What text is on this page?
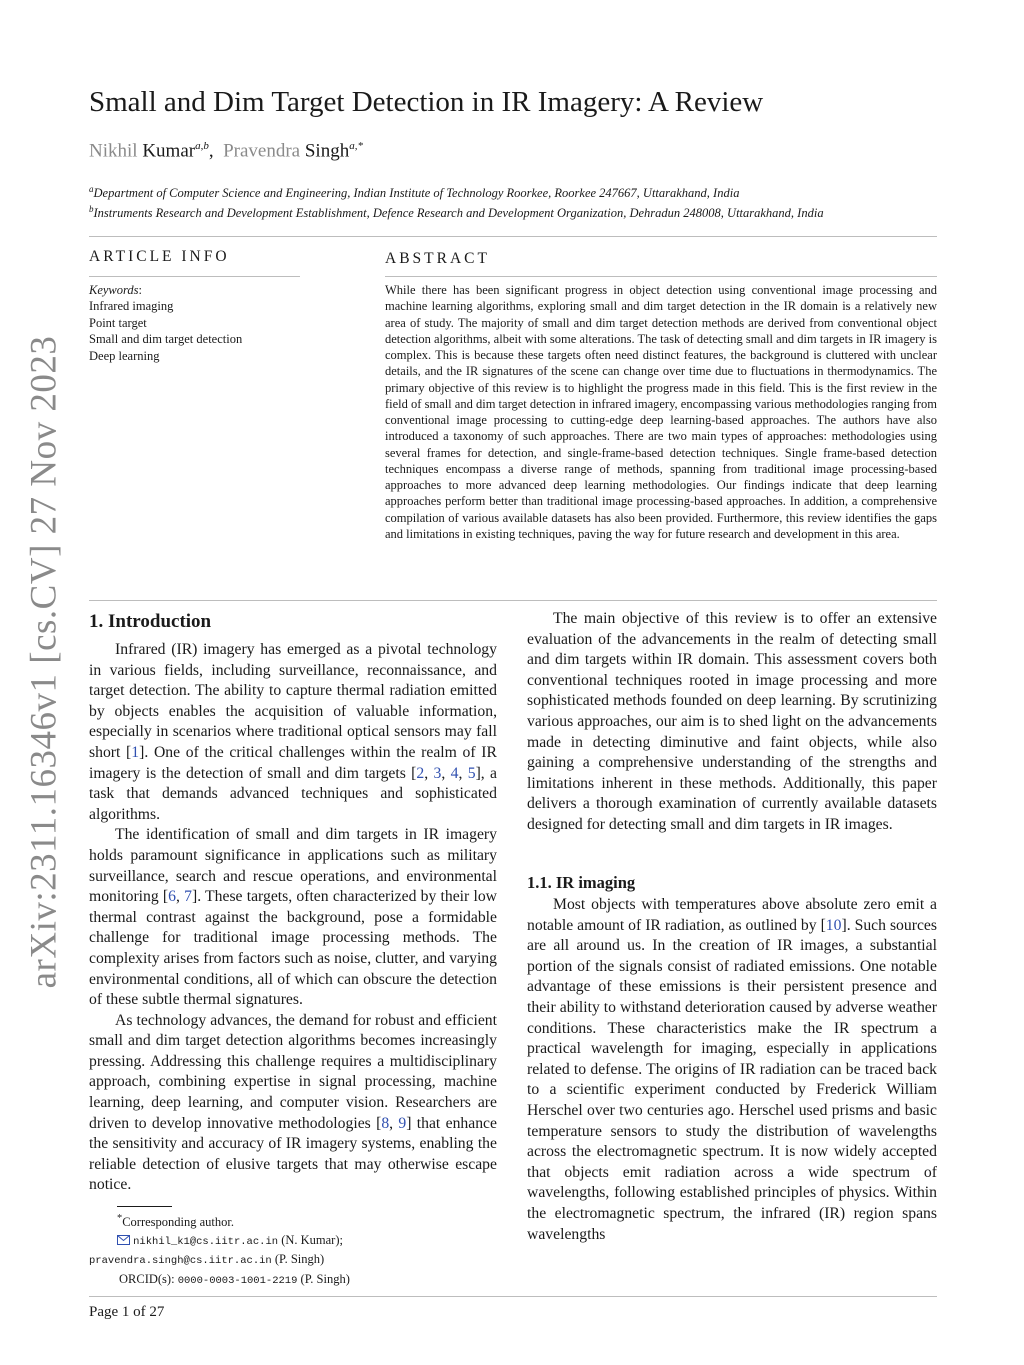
arXiv:2311.16346v1 [cs.CV] 27 Nov 2023
Small and Dim Target Detection in IR Imagery: A Review
Nikhil Kumar$^{a,b}$,  Pravendra Singh$^{a,*}$
$^a$Department of Computer Science and Engineering, Indian Institute of Technology Roorkee, Roorkee 247667, Uttarakhand, India
$^b$Instruments Research and Development Establishment, Defence Research and Development Organization, Dehradun 248008, Uttarakhand, India
ARTICLE INFO
Keywords:
Infrared imaging
Point target
Small and dim target detection
Deep learning
ABSTRACT
While there has been significant progress in object detection using conventional image processing and machine learning algorithms, exploring small and dim target detection in the IR domain is a relatively new area of study. The majority of small and dim target detection methods are derived from conventional object detection algorithms, albeit with some alterations. The task of detecting small and dim targets in IR imagery is complex. This is because these targets often need distinct features, the background is cluttered with unclear details, and the IR signatures of the scene can change over time due to fluctuations in thermodynamics. The primary objective of this review is to highlight the progress made in this field. This is the first review in the field of small and dim target detection in infrared imagery, encompassing various methodologies ranging from conventional image processing to cutting-edge deep learning-based approaches. The authors have also introduced a taxonomy of such approaches. There are two main types of approaches: methodologies using several frames for detection, and single-frame-based detection techniques. Single frame-based detection techniques encompass a diverse range of methods, spanning from traditional image processing-based approaches to more advanced deep learning methodologies. Our findings indicate that deep learning approaches perform better than traditional image processing-based approaches. In addition, a comprehensive compilation of various available datasets has also been provided. Furthermore, this review identifies the gaps and limitations in existing techniques, paving the way for future research and development in this area.
1. Introduction

Infrared (IR) imagery has emerged as a pivotal technology in various fields, including surveillance, reconnaissance, and target detection. The ability to capture thermal radiation emitted by objects enables the acquisition of valuable information, especially in scenarios where traditional optical sensors may fall short [1]. One of the critical challenges within the realm of IR imagery is the detection of small and dim targets [2, 3, 4, 5], a task that demands advanced techniques and sophisticated algorithms.

The identification of small and dim targets in IR imagery holds paramount significance in applications such as military surveillance, search and rescue operations, and environmental monitoring [6, 7]. These targets, often characterized by their low thermal contrast against the background, pose a formidable challenge for traditional image processing methods. The complexity arises from factors such as noise, clutter, and varying environmental conditions, all of which can obscure the detection of these subtle thermal signatures.

As technology advances, the demand for robust and efficient small and dim target detection algorithms becomes increasingly pressing. Addressing this challenge requires a multidisciplinary approach, combining expertise in signal processing, machine learning, deep learning, and computer vision. Researchers are driven to develop innovative methodologies [8, 9] that enhance the sensitivity and accuracy of IR imagery systems, enabling the reliable detection of elusive targets that may otherwise escape notice.

The main objective of this review is to offer an extensive evaluation of the advancements in the realm of detecting small and dim targets within IR domain. This assessment covers both conventional techniques rooted in image processing and more sophisticated methods founded on deep learning. By scrutinizing various approaches, our aim is to shed light on the advancements made in detecting diminutive and faint objects, while also gaining a comprehensive understanding of the strengths and limitations inherent in these methods. Additionally, this paper delivers a thorough examination of currently available datasets designed for detecting small and dim targets in IR images.

1.1. IR imaging

Most objects with temperatures above absolute zero emit a notable amount of IR radiation, as outlined by [10]. Such sources are all around us. In the creation of IR images, a substantial portion of the signals consist of radiated emissions. One notable advantage of these emissions is their persistent presence and their ability to withstand deterioration caused by adverse weather conditions. These characteristics make the IR spectrum a practical wavelength for imaging, especially in applications related to defense. The origins of IR radiation can be traced back to a scientific experiment conducted by Frederick William Herschel over two centuries ago. Herschel used prisms and basic temperature sensors to study the distribution of wavelengths across the electromagnetic spectrum. It is now widely accepted that objects emit radiation across a wide spectrum of wavelengths, following established principles of physics. Within the electromagnetic spectrum, the infrared (IR) region spans wavelengths

*Corresponding author.
nikhil_k1@cs.iitr.ac.in (N. Kumar);
pravendra.singh@cs.iitr.ac.in (P. Singh)
ORCID(s): 0000-0003-1001-2219 (P. Singh)
Page 1 of 27
